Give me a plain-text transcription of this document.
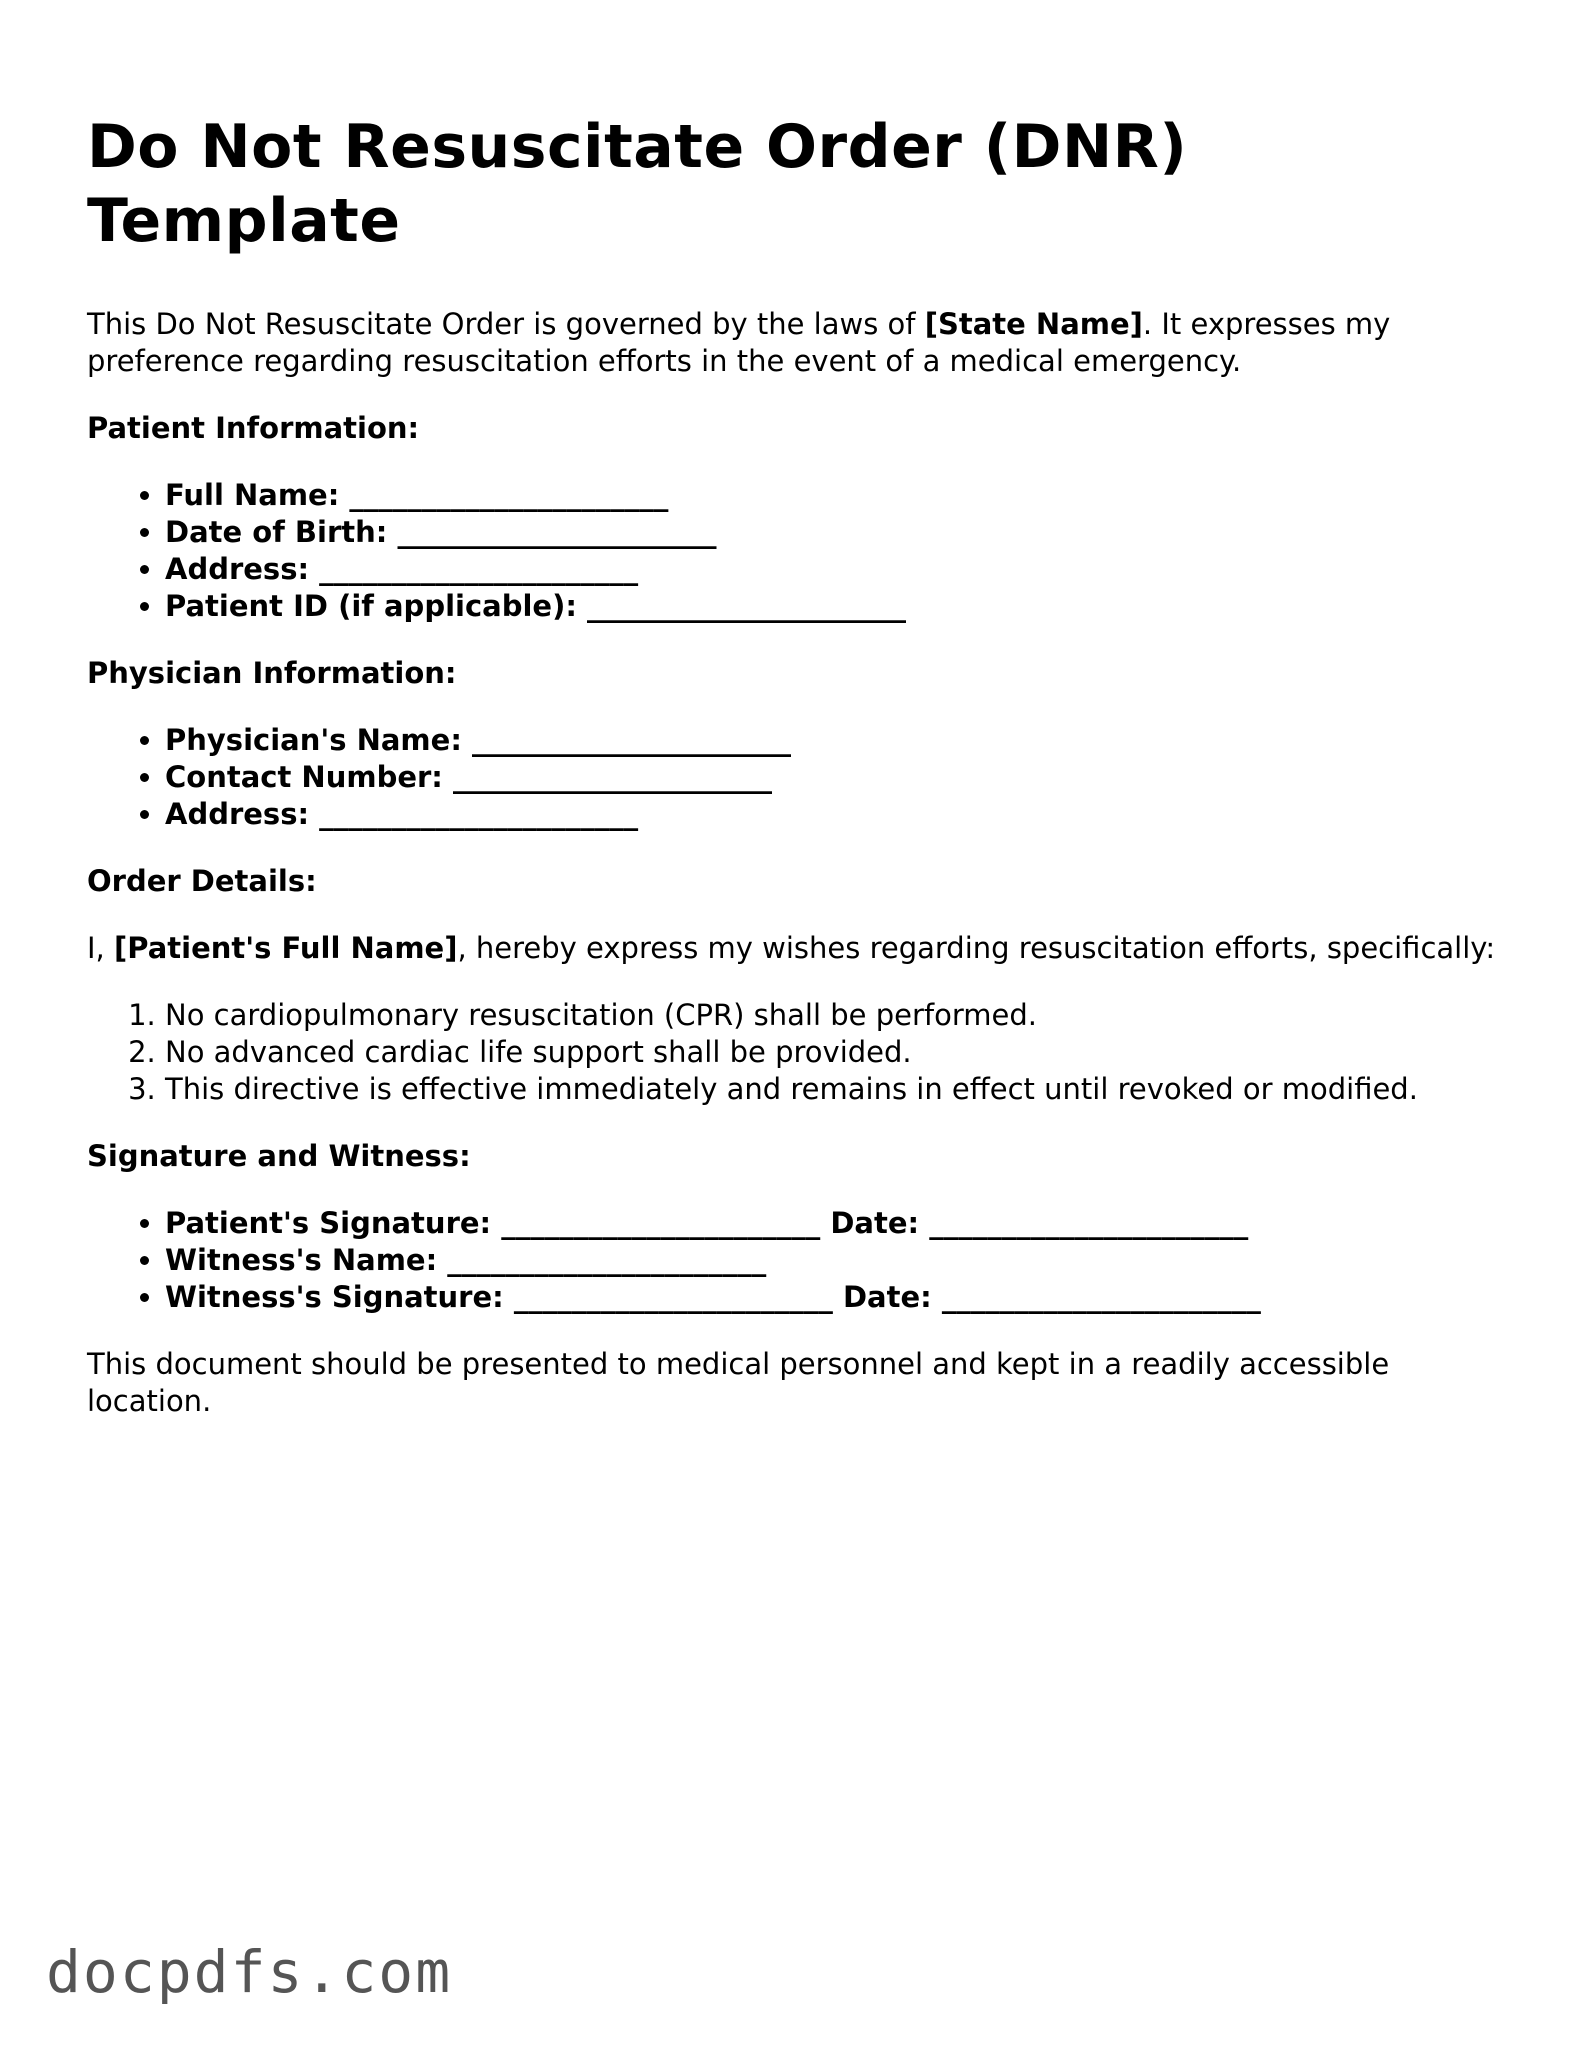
Do Not Resuscitate Order (DNR) Template

This Do Not Resuscitate Order is governed by the laws of [State Name]. It expresses my preference regarding resuscitation efforts in the event of a medical emergency.

Patient Information:

• Full Name: ______________________
• Date of Birth: ______________________
• Address: ______________________
• Patient ID (if applicable): ______________________

Physician Information:

• Physician's Name: ______________________
• Contact Number: ______________________
• Address: ______________________

Order Details:

I, [Patient's Full Name], hereby express my wishes regarding resuscitation efforts, specifically:

1. No cardiopulmonary resuscitation (CPR) shall be performed.
2. No advanced cardiac life support shall be provided.
3. This directive is effective immediately and remains in effect until revoked or modified.

Signature and Witness:

• Patient's Signature: ______________________ Date: ______________________
• Witness's Name: ______________________
• Witness's Signature: ______________________ Date: ______________________

This document should be presented to medical personnel and kept in a readily accessible location.

docpdfs.com
